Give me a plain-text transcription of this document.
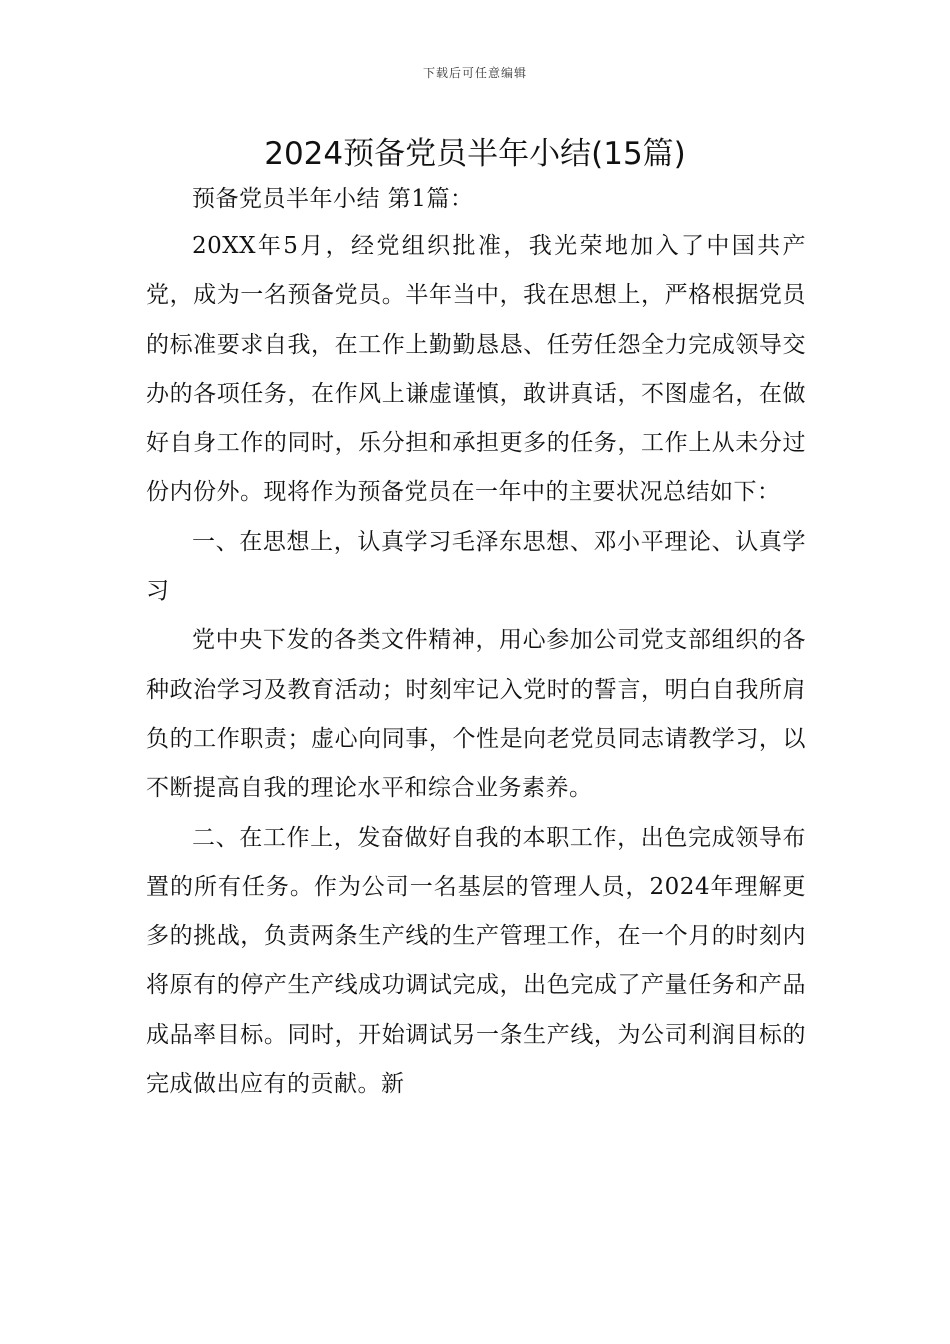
下载后可任意编辑
2024预备党员半年小结(15篇)

预备党员半年小结 第1篇：

20XX年5月，经党组织批准，我光荣地加入了中国共产党，成为一名预备党员。半年当中，我在思想上，严格根据党员的标准要求自我，在工作上勤勤恳恳、任劳任怨全力完成领导交办的各项任务，在作风上谦虚谨慎，敢讲真话，不图虚名，在做好自身工作的同时，乐分担和承担更多的任务，工作上从未分过份内份外。现将作为预备党员在一年中的主要状况总结如下：

一、在思想上，认真学习毛泽东思想、邓小平理论、认真学习

党中央下发的各类文件精神，用心参加公司党支部组织的各种政治学习及教育活动；时刻牢记入党时的誓言，明白自我所肩负的工作职责；虚心向同事，个性是向老党员同志请教学习，以不断提高自我的理论水平和综合业务素养。

二、在工作上，发奋做好自我的本职工作，出色完成领导布置的所有任务。作为公司一名基层的管理人员，2024年理解更多的挑战，负责两条生产线的生产管理工作，在一个月的时刻内将原有的停产生产线成功调试完成，出色完成了产量任务和产品成品率目标。同时，开始调试另一条生产线，为公司利润目标的完成做出应有的贡献。新
